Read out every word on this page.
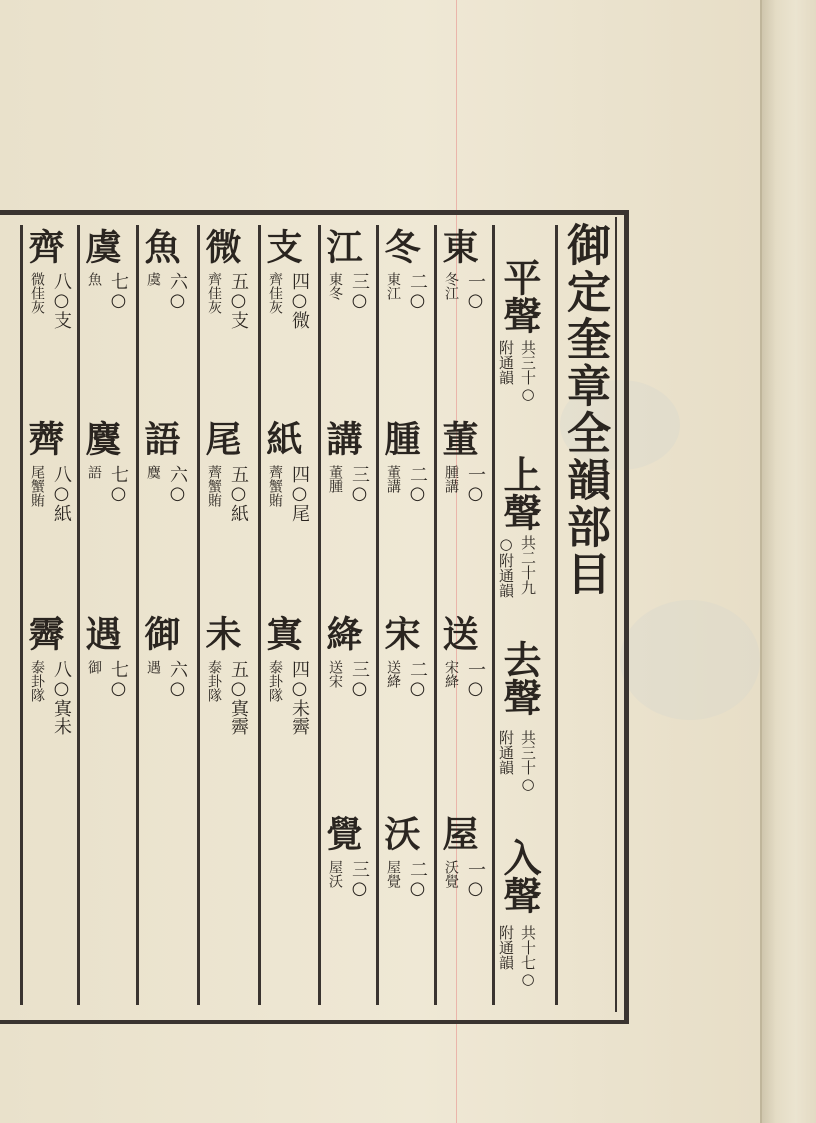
御定奎章全韻部目
平聲
共三十○
附通韻
上聲
共二十九
○附通韻
去聲
共三十○
附通韻
入聲
共十七○
附通韻
東
一○
冬江
董
一○
腫講
送
一○
宋絳
屋
一○
沃覺
冬
二○
東江
腫
二○
董講
宋
二○
送絳
沃
二○
屋覺
江
三○
東冬
講
三○
董腫
絳
三○
送宋
覺
三○
屋沃
支
四○微
齊佳灰
紙
四○尾
薺蟹賄
寘
四○未霽
泰卦隊
微
五○支
齊佳灰
尾
五○紙
薺蟹賄
未
五○寘霽
泰卦隊
魚
六○
虞
語
六○
麌
御
六○
遇
虞
七○
魚
麌
七○
語
遇
七○
御
齊
八○支
微佳灰
薺
八○紙
尾蟹賄
霽
八○寘未
泰卦隊
